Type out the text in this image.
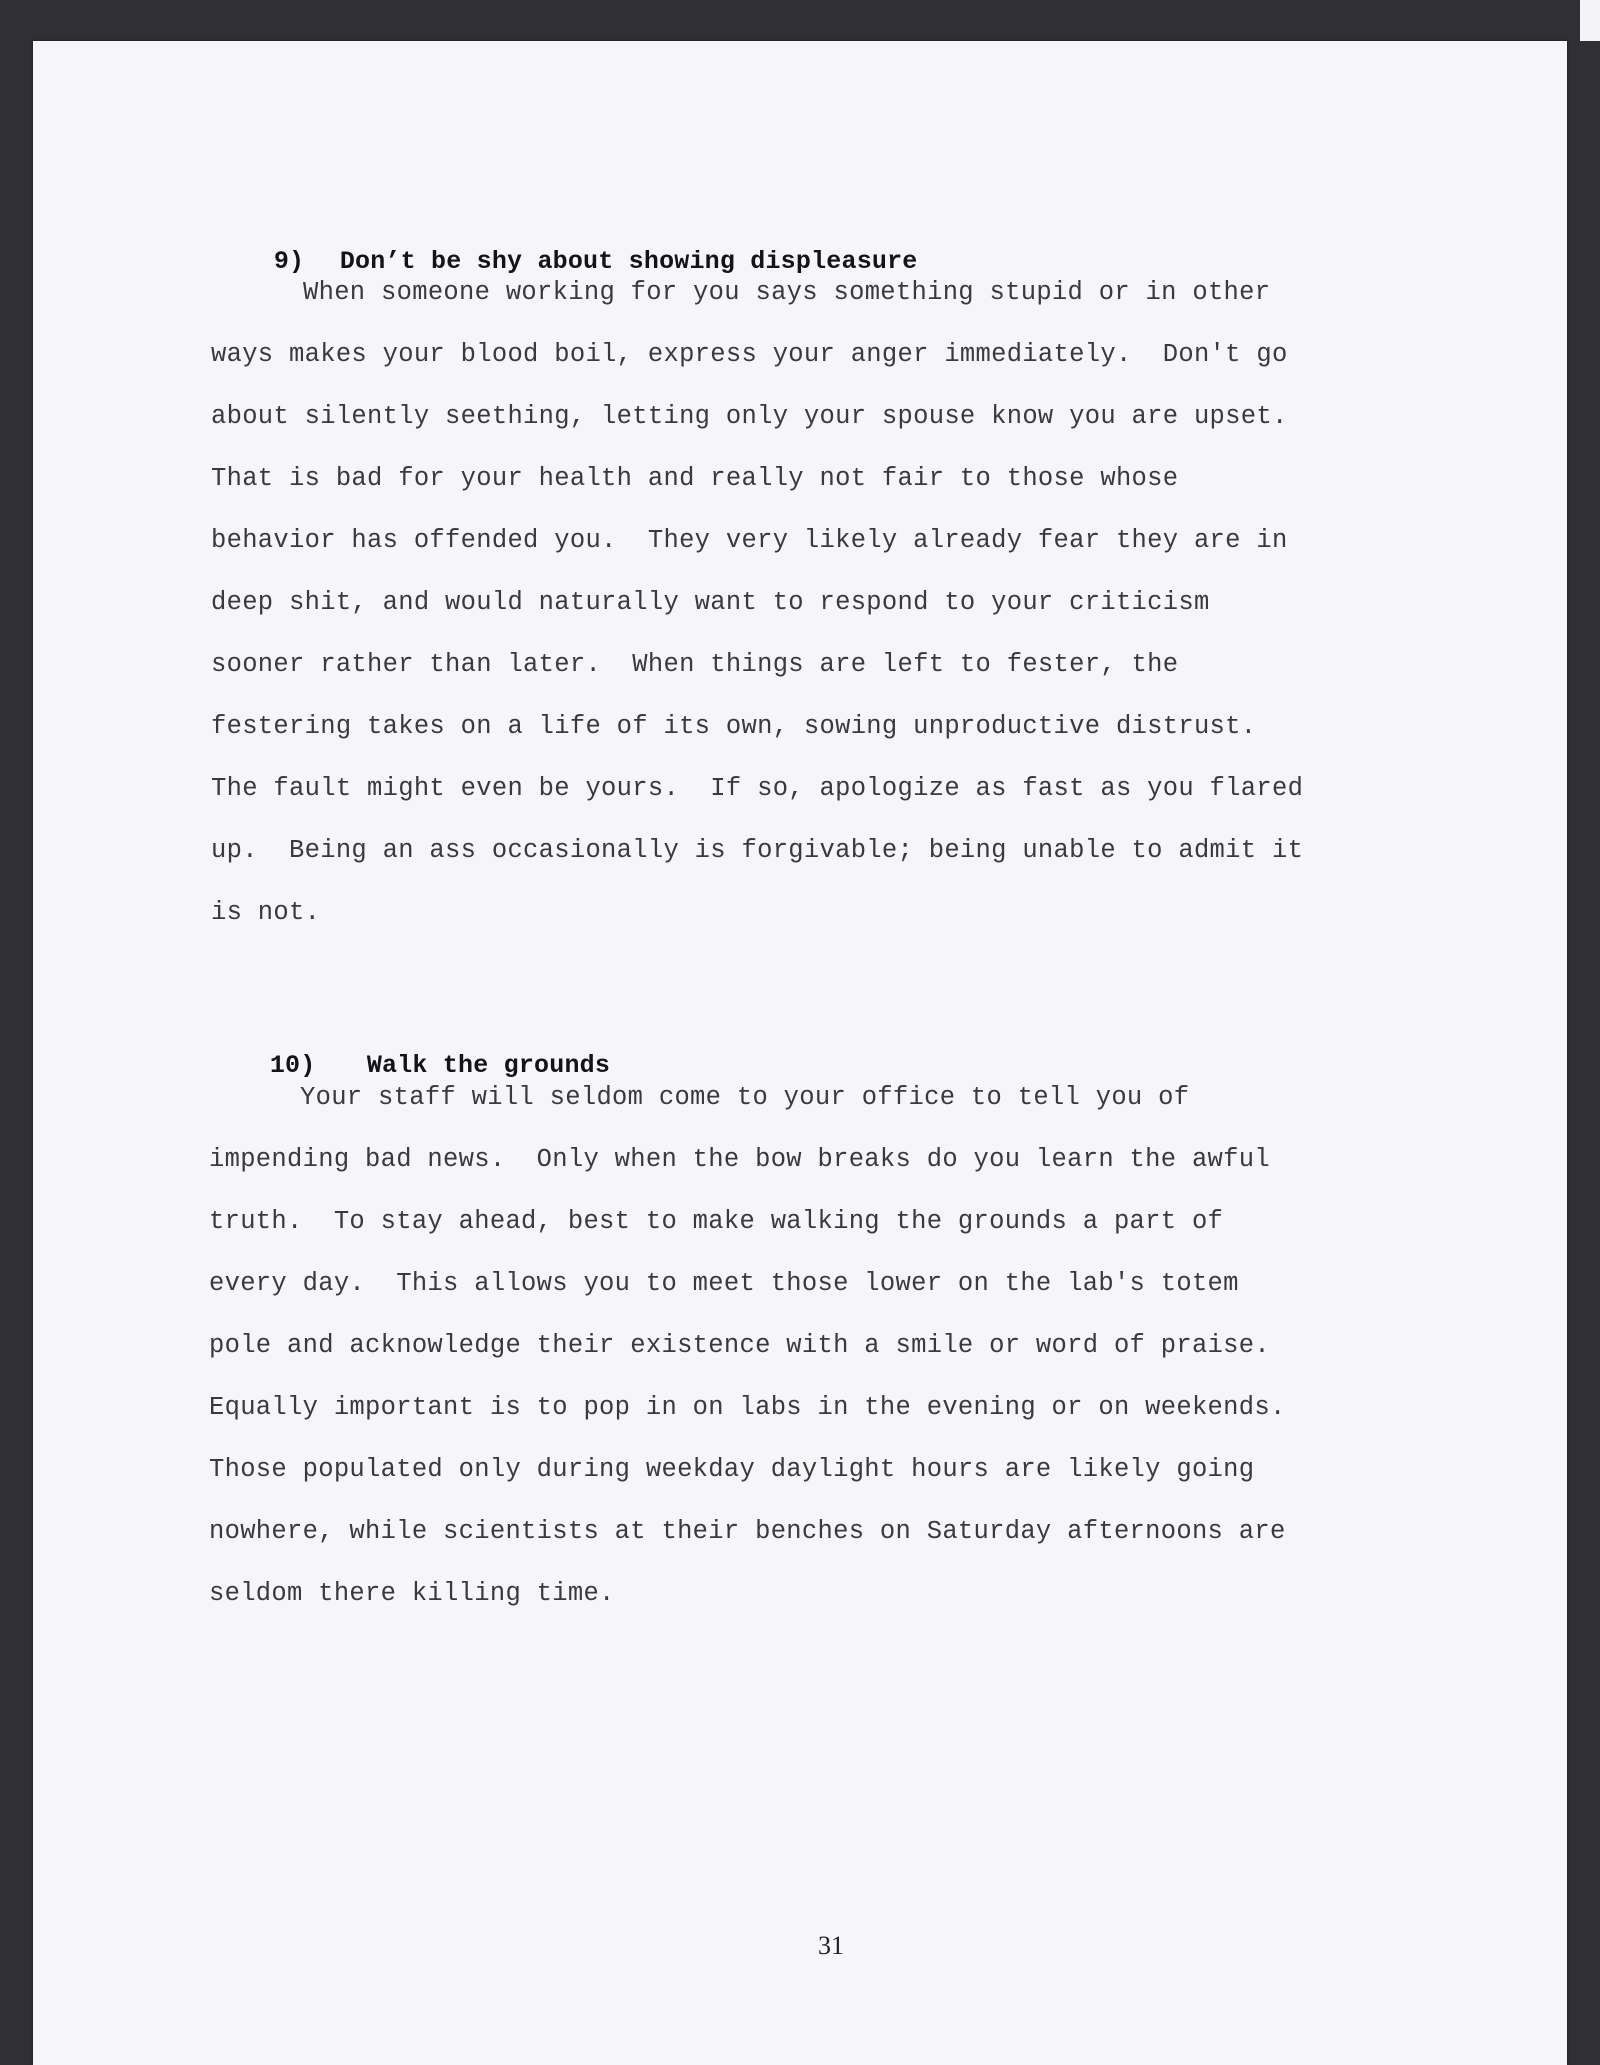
9) Don’t be shy about showing displeasure

When someone working for you says something stupid or in other
ways makes your blood boil, express your anger immediately.  Don't go
about silently seething, letting only your spouse know you are upset.
That is bad for your health and really not fair to those whose
behavior has offended you.  They very likely already fear they are in
deep shit, and would naturally want to respond to your criticism
sooner rather than later.  When things are left to fester, the
festering takes on a life of its own, sowing unproductive distrust.
The fault might even be yours.  If so, apologize as fast as you flared
up.  Being an ass occasionally is forgivable; being unable to admit it
is not.

10) Walk the grounds

Your staff will seldom come to your office to tell you of
impending bad news.  Only when the bow breaks do you learn the awful
truth.  To stay ahead, best to make walking the grounds a part of
every day.  This allows you to meet those lower on the lab's totem
pole and acknowledge their existence with a smile or word of praise.
Equally important is to pop in on labs in the evening or on weekends.
Those populated only during weekday daylight hours are likely going
nowhere, while scientists at their benches on Saturday afternoons are
seldom there killing time.
31
